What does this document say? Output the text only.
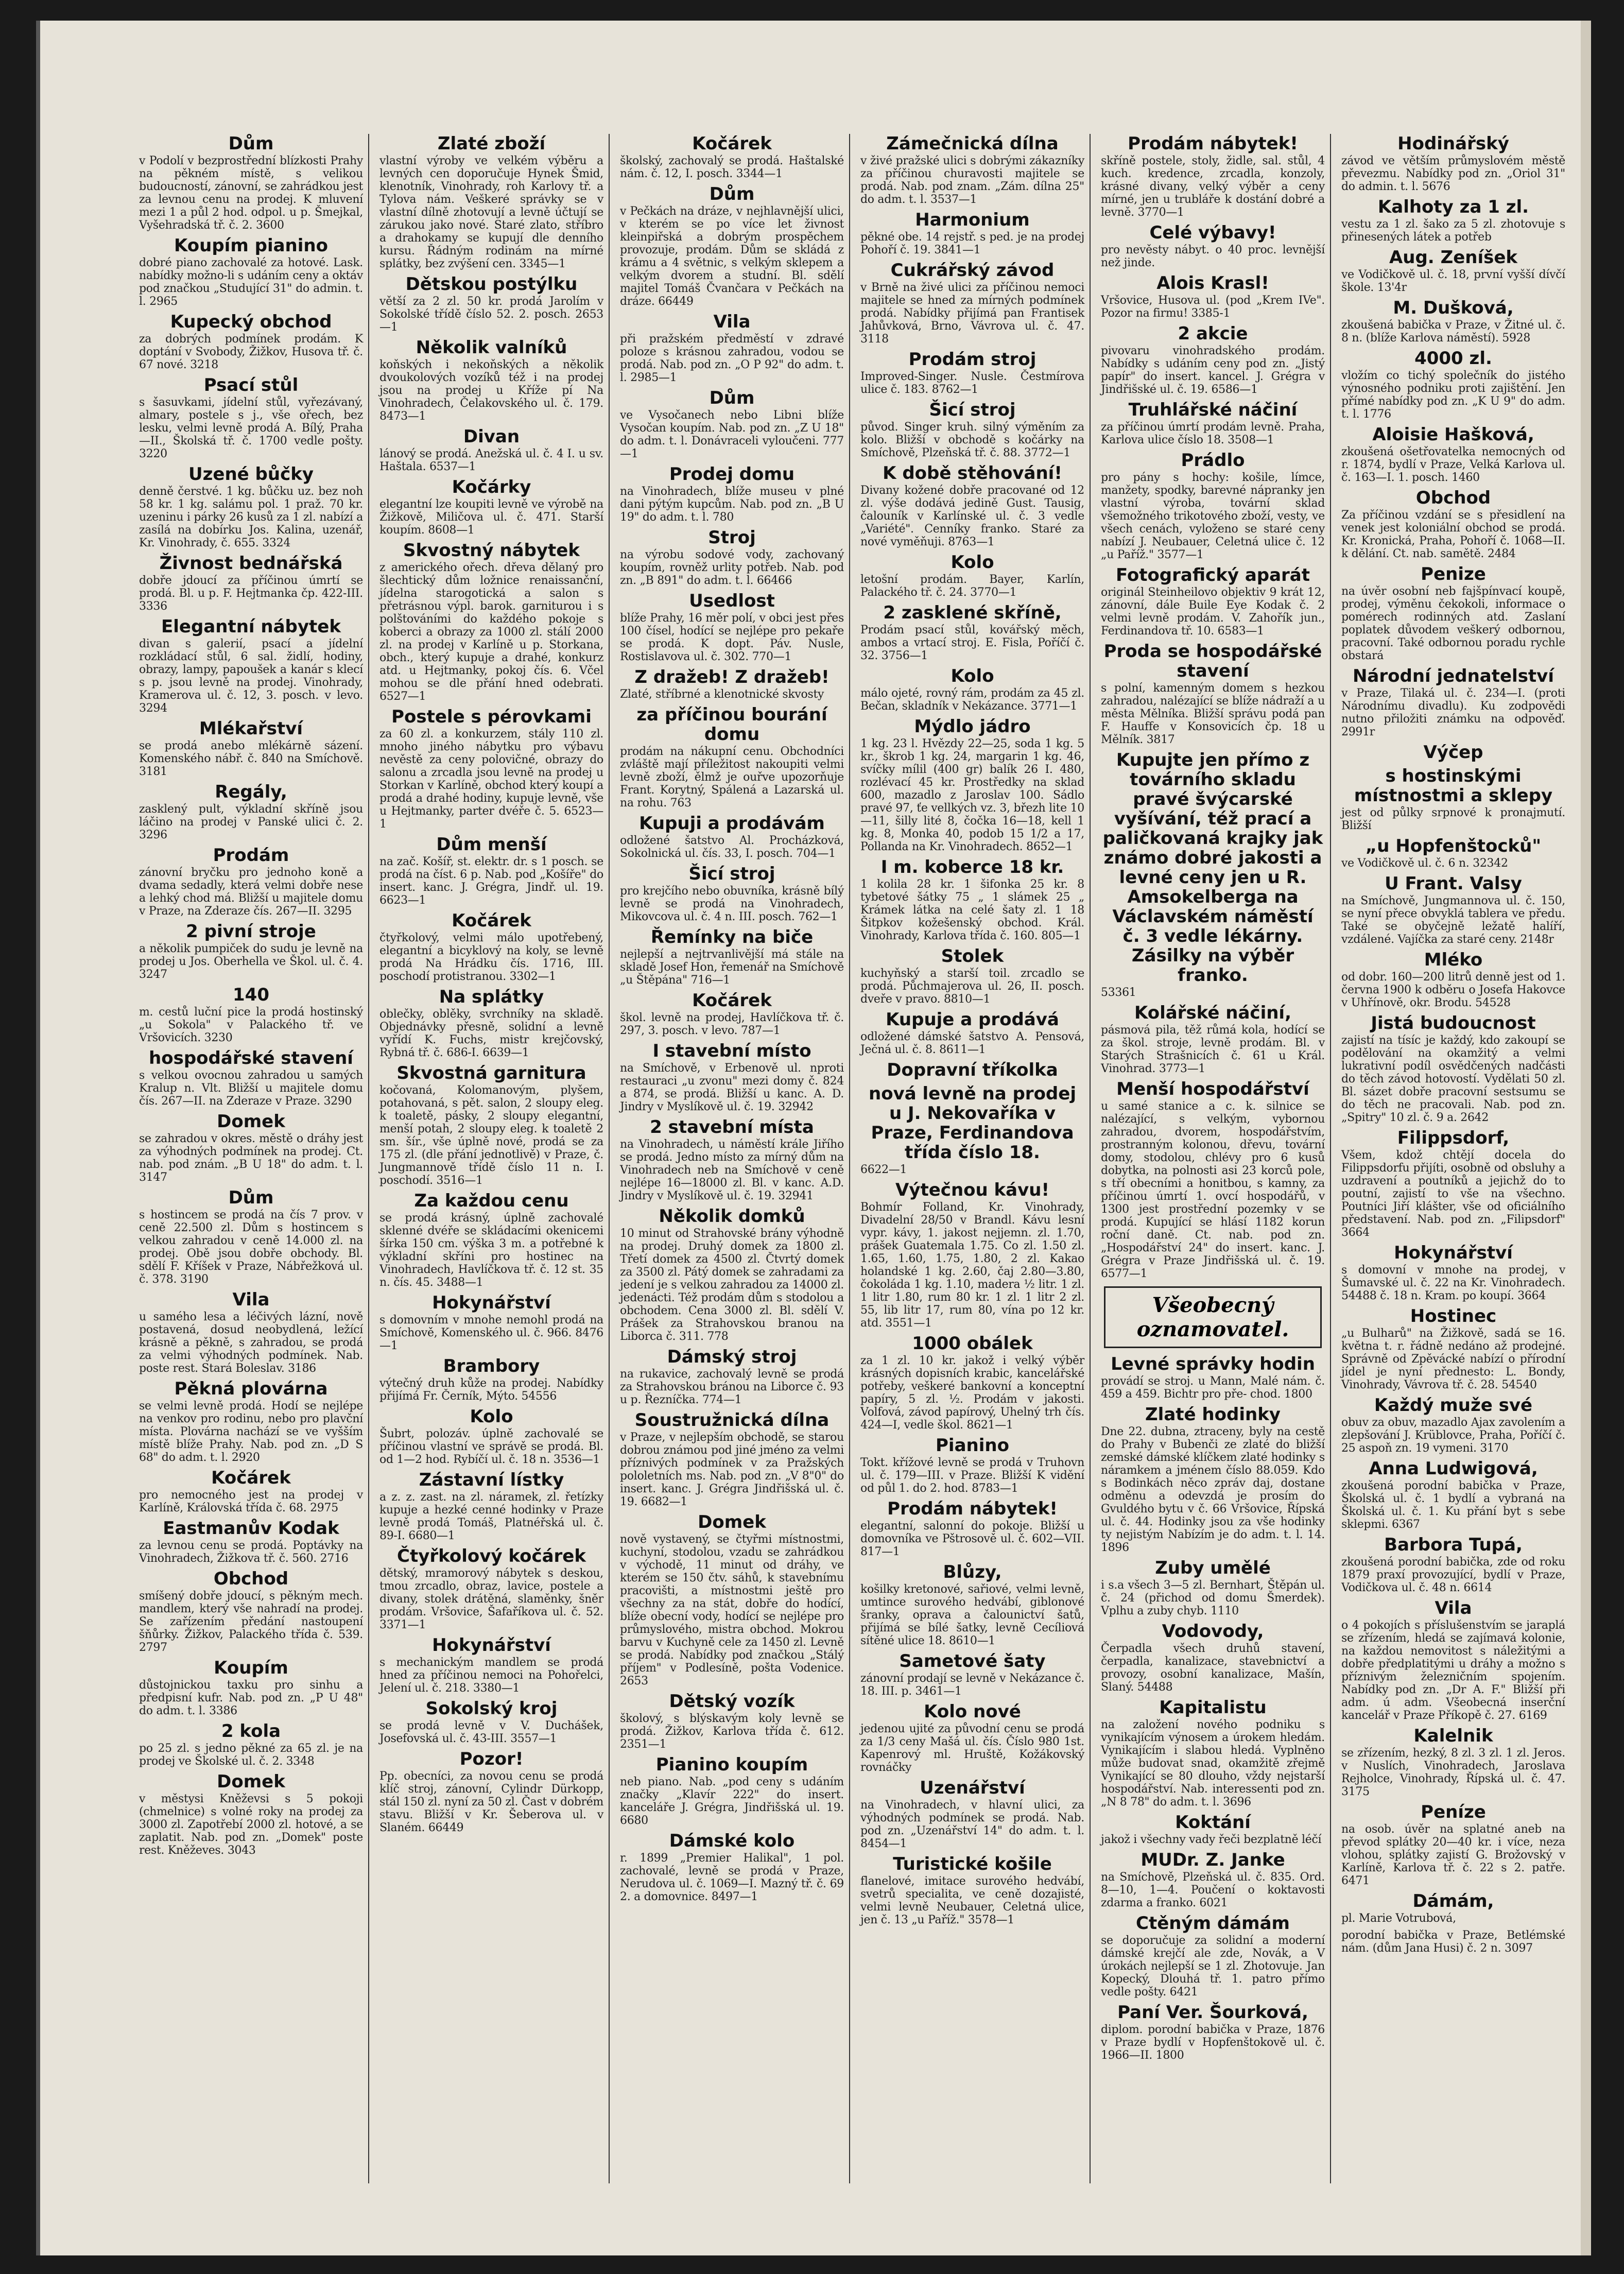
Dům

v Podolí v bezprostřední blízkosti Prahy na pěkném místě, s velikou budoucností, zánovní, se zahrádkou jest za levnou cenu na prodej. K mluvení mezi 1 a půl 2 hod. odpol. u p. Šmejkal, Vyšehradská tř. č. 2. 3600

Koupím pianino

dobré piano zachovalé za hotové. Lask. nabídky možno-li s udáním ceny a oktáv pod značkou „Studující 31" do admin. t. l. 2965

Kupecký obchod

za dobrých podmínek prodám. K doptání v Svobody, Žižkov, Husova tř. č. 67 nové. 3218

Psací stůl

s šasuvkami, jídelní stůl, vyřezávaný, almary, postele s j., vše ořech, bez lesku, velmi levně prodá A. Bílý, Praha—II., Školská tř. č. 1700 vedle pošty. 3220

Uzené bůčky

denně čerstvé. 1 kg. bůčku uz. bez noh 58 kr. 1 kg. salámu pol. 1 praž. 70 kr. uzeninu i párky 26 kusů za 1 zl. nabízí a zasílá na dobírku Jos. Kalina, uzenář, Kr. Vinohrady, č. 655. 3324

Živnost bednářská

dobře jdoucí za příčinou úmrtí se prodá. Bl. u p. F. Hejtmanka čp. 422-III. 3336

Elegantní nábytek

divan s galerií, psací a jídelní rozkládací stůl, 6 sal. židlí, hodiny, obrazy, lampy, papoušek a kanár s klecí s p. jsou levně na prodej. Vinohrady, Kramerova ul. č. 12, 3. posch. v levo. 3294

Mlékařství

se prodá anebo mlékárně sázení. Komenského nábř. č. 840 na Smíchově. 3181

Regály,

zasklený pult, výkladní skříně jsou láčino na prodej v Panské ulici č. 2. 3296

Prodám

zánovní bryčku pro jednoho koně a dvama sedadly, která velmi dobře nese a lehký chod má. Bližší u majitele domu v Praze, na Zderaze čís. 267—II. 3295

2 pivní stroje

a několik pumpiček do sudu je levně na prodej u Jos. Oberhella ve Škol. ul. č. 4. 3247

140

m. cestů luční pice la prodá hostinský „u Sokola" v Palackého tř. ve Vršovicích. 3230

hospodářské stavení

s velkou ovocnou zahradou u samých Kralup n. Vlt. Bližší u majitele domu čís. 267—II. na Zderaze v Praze. 3290

Domek

se zahradou v okres. městě o dráhy jest za výhodných podmínek na prodej. Ct. nab. pod znám. „B U 18" do adm. t. l. 3147

Dům

s hostincem se prodá na čís 7 prov. v ceně 22.500 zl. Dům s hostincem s velkou zahradou v ceně 14.000 zl. na prodej. Obě jsou dobře obchody. Bl. sdělí F. Kříšek v Praze, Nábřežková ul. č. 378. 3190

Vila

u samého lesa a léčivých lázní, nově postavená, dosud neobydlená, ležící krásně a pěkně, s zahradou, se prodá za velmi výhodných podmínek. Nab. poste rest. Stará Boleslav. 3186

Pěkná plovárna

se velmi levně prodá. Hodí se nejlépe na venkov pro rodinu, nebo pro plavční místa. Plovárna nachází se ve vyšším místě blíže Prahy. Nab. pod zn. „D S 68" do adm. t. l. 2920

Kočárek

pro nemocného jest na prodej v Karlíně, Královská třída č. 68. 2975

Eastmanův Kodak

za levnou cenu se prodá. Poptávky na Vinohradech, Žižkova tř. č. 560. 2716

Obchod

smíšený dobře jdoucí, s pěkným mech. mandlem, který vše nahradí na prodej. Se zařízením předání nastoupení šňůrky. Žižkov, Palackého třída č. 539. 2797

Koupím

důstojnickou taxku pro sinhu a předpisní kufr. Nab. pod zn. „P U 48" do adm. t. l. 3386

2 kola

po 25 zl. s jedno pěkné za 65 zl. je na prodej ve Školské ul. č. 2. 3348

Domek

v městysi Kněževsi s 5 pokoji (chmelnice) s volné roky na prodej za 3000 zl. Zapotřebí 2000 zl. hotové, a se zaplatit. Nab. pod zn. „Domek" poste rest. Kněževes. 3043

Zlaté zboží

vlastní výroby ve velkém výběru a levných cen doporučuje Hynek Šmid, klenotník, Vinohrady, roh Karlovy tř. a Tylova nám. Veškeré správky se v vlastní dílně zhotovují a levně účtují se zárukou jako nové. Staré zlato, stříbro a drahokamy se kupují dle denního kursu. Řádným rodinám na mírné splátky, bez zvýšení cen. 3345—1

Dětskou postýlku

větší za 2 zl. 50 kr. prodá Jarolím v Sokolské třídě číslo 52. 2. posch. 2653—1

Několik valníků

koňských i nekoňských a několik dvoukolových vozíků též i na prodej jsou na prodej u Kříže pí Na Vinohradech, Čelakovského ul. č. 179. 8473—1

Divan

lánový se prodá. Anežská ul. č. 4 I. u sv. Haštala. 6537—1

Kočárky

elegantní lze koupiti levně ve výrobě na Žižkově, Miličova ul. č. 471. Starší koupím. 8608—1

Skvostný nábytek

z amerického ořech. dřeva dělaný pro šlechtický dům ložnice renaissanční, jídelna starogotická a salon s přetrásnou výpl. barok. garniturou i s polštováními do každého pokoje s koberci a obrazy za 1000 zl. stálí 2000 zl. na prodej v Karlíně u p. Storkana, obch., který kupuje a drahé, konkurz atd. u Hejtmanky, pokoj čís. 6. Včel mohou se dle přání hned odebrati. 6527—1

Postele s pérovkami

za 60 zl. a konkurzem, stály 110 zl. mnoho jiného nábytku pro výbavu nevěstě za ceny polovičné, obrazy do salonu a zrcadla jsou levně na prodej u Storkan v Karlíně, obchod který koupí a prodá a drahé hodiny, kupuje levně, vše u Hejtmanky, parter dvéře č. 5. 6523—1

Dům menší

na zač. Košíř, st. elektr. dr. s 1 posch. se prodá na číst. 6 p. Nab. pod „Košíře" do insert. kanc. J. Grégra, Jindř. ul. 19. 6623—1

Kočárek

čtyřkolový, velmi málo upotřebený, elegantní a bicyklový na koly, se levně prodá Na Hrádku čís. 1716, III. poschodí protistranou. 3302—1

Na splátky

oblečky, oblěky, svrchníky na skladě. Objednávky přesně, solidní a levně vyřídí K. Fuchs, mistr krejčovský, Rybná tř. č. 686-I. 6639—1

Skvostná garnitura

kočovaná, Kolomanovým, plyšem, potahovaná, s pět. salon, 2 sloupy eleg. k toaletě, pásky, 2 sloupy elegantní, menší potah, 2 sloupy eleg. k toaletě 2 sm. šír., vše úplně nové, prodá se za 175 zl. (dle přání jednotlivě) v Praze, č. Jungmannově třídě číslo 11 n. I. poschodí. 3516—1

Za každou cenu

se prodá krásný, úplně zachovalé sklenné dvéře se skládacími okenicemi šírka 150 cm. výška 3 m. a potřebné k výkladní skříni pro hostinec na Vinohradech, Havlíčkova tř. č. 12 st. 35 n. čís. 45. 3488—1

Hokynářství

s domovním v mnohe nemohl prodá na Smíchově, Komenského ul. č. 966. 8476—1

Brambory

výtečný druh kůže na prodej. Nabídky přijímá Fr. Černík, Mýto. 54556

Kolo

Šubrt, polozáv. úplně zachovalé se příčinou vlastní ve správě se prodá. Bl. od 1—2 hod. Rybíčí ul. č. 18 n. 3536—1

Zástavní lístky

a z. z. zast. na zl. náramek, zl. řetízky kupuje a hezké cenné hodinky v Praze levně prodá Tomáš, Platnéřská ul. č. 89-I. 6680—1

Čtyřkolový kočárek

dětský, mramorový nábytek s deskou, tmou zrcadlo, obraz, lavice, postele a divany, stolek drátěná, slaměnky, šněr prodám. Vršovice, Šafaříkova ul. č. 52. 3371—1

Hokynářství

s mechanickým mandlem se prodá hned za příčinou nemoci na Pohořelci, Jelení ul. č. 218. 3380—1

Sokolský kroj

se prodá levně v V. Duchášek, Josefovská ul. č. 43-III. 3557—1

Pozor!

Pp. obecníci, za novou cenu se prodá klíč stroj, zánovní, Cylindr Dürkopp, stál 150 zl. nyní za 50 zl. Čast v dobrém stavu. Bližší v Kr. Šeberova ul. v Slaném. 66449

Kočárek

školský, zachovalý se prodá. Haštalské nám. č. 12, I. posch. 3344—1

Dům

v Pečkách na dráze, v nejhlavnější ulici, v kterém se po více let živnost kleinpiřská a dobrým prospěchem provozuje, prodám. Dům se skládá z krámu a 4 světnic, s velkým sklepem a velkým dvorem a studní. Bl. sdělí majitel Tomáš Čvančara v Pečkách na dráze. 66449

Vila

při pražském předměstí v zdravé poloze s krásnou zahradou, vodou se prodá. Nab. pod zn. „O P 92" do adm. t. l. 2985—1

Dům

ve Vysočanech nebo Libni blíže Vysočan koupím. Nab. pod zn. „Z U 18" do adm. t. l. Donávraceli vyloučeni. 777—1

Prodej domu

na Vinohradech, blíže museu v plné dani pýtým kupcům. Nab. pod zn. „B U 19" do adm. t. l. 780

Stroj

na výrobu sodové vody, zachovaný koupím, rovněž urlity potřeb. Nab. pod zn. „B 891" do adm. t. l. 66466

Usedlost

blíže Prahy, 16 měr polí, v obci jest přes 100 čísel, hodící se nejlépe pro pekaře se prodá. K dopt. Páv. Nusle, Rostislavova ul. č. 302. 770—1

Z dražeb! Z dražeb!

Zlaté, stříbrné a klenotnické skvosty

za příčinou bourání domu

prodám na nákupní cenu. Obchodníci zvláště mají příležitost nakoupiti velmi levně zboží, ělmž je ouřve upozorňuje Frant. Korytný, Spálená a Lazarská ul. na rohu. 763

Kupuji a prodávám

odložené šatstvo Al. Procházková, Sokolnická ul. čís. 33, I. posch. 704—1

Šicí stroj

pro krejčího nebo obuvníka, krásně bílý levně se prodá na Vinohradech, Mikovcova ul. č. 4 n. III. posch. 762—1

Řemínky na biče

nejlepší a nejtrvanlivější má stále na skladě Josef Hon, řemenář na Smíchově „u Štěpána" 716—1

Kočárek

škol. levně na prodej, Havlíčkova tř. č. 297, 3. posch. v levo. 787—1

I stavební místo

na Smíchově, v Erbenově ul. nproti restauraci „u zvonu" mezi domy č. 824 a 874, se prodá. Bližší u kanc. A. D. Jindry v Myslíkově ul. č. 19. 32942

2 stavební místa

na Vinohradech, u náměstí krále Jiřího se prodá. Jedno místo za mírný dům na Vinohradech neb na Smíchově v ceně nejlépe 16—18000 zl. Bl. v kanc. A.D. Jindry v Myslíkově ul. č. 19. 32941

Několik domků

10 minut od Strahovské brány výhodně na prodej. Druhý domek za 1800 zl. Třetí domek za 4500 zl. Čtvrtý domek za 3500 zl. Pátý domek se zahradami za jedení je s velkou zahradou za 14000 zl. jedenácti. Též prodám dům s stodolou a obchodem. Cena 3000 zl. Bl. sdělí V. Prášek za Strahovskou branou na Liborca č. 311. 778

Dámský stroj

na rukavice, zachovalý levně se prodá za Strahovskou bránou na Liborce č. 93 u p. Řezníčka. 774—1

Soustružnická dílna

v Praze, v nejlepším obchodě, se starou dobrou známou pod jiné jméno za velmi příznivých podmínek v za Pražských pololetních ms. Nab. pod zn. „V 8"0" do insert. kanc. J. Grégra Jindřišská ul. č. 19. 6682—1

Domek

nově vystavený, se čtyřmi místnostmi, kuchyní, stodolou, vzadu se zahrádkou v východě, 11 minut od dráhy, ve kterém se 150 čtv. sáhů, k stavebnímu pracovišti, a místnostmi ještě pro všechny za na stát, dobře do hodící, blíže obecní vody, hodící se nejlépe pro průmyslového, mistra obchod. Mokrou barvu v Kuchyně cele za 1450 zl. Levně se prodá. Nabídky pod značkou „Stálý příjem" v Podlesíně, pošta Vodenice. 2653

Dětský vozík

školový, s blýskavým koly levně se prodá. Žižkov, Karlova třída č. 612. 2351—1

Pianino koupím

neb piano. Nab. „pod ceny s udáním značky „Klavír 222" do insert. kanceláře J. Grégra, Jindřišská ul. 19. 6680

Dámské kolo

r. 1899 „Premier Halikal", 1 pol. zachovalé, levně se prodá v Praze, Nerudova ul. č. 1069—I. Mazný tř. č. 69 2. a domovnice. 8497—1

Zámečnická dílna

v živé pražské ulici s dobrými zákazníky za příčinou churavosti majitele se prodá. Nab. pod znam. „Zám. dílna 25" do adm. t. l. 3537—1

Harmonium

pěkné obe. 14 rejstř. s ped. je na prodej Pohoří č. 19. 3841—1

Cukrářský závod

v Brně na živé ulici za příčinou nemoci majitele se hned za mírných podmínek prodá. Nabídky přijímá pan Frantisek Jahůvková, Brno, Vávrova ul. č. 47. 3118

Prodám stroj

Improved-Singer. Nusle. Čestmírova ulice č. 183. 8762—1

Šicí stroj

původ. Singer kruh. silný výměním za kolo. Bližší v obchodě s kočárky na Smíchově, Plzeňská tř. č. 88. 3772—1

K době stěhování!

Divany kožené dobře pracované od 12 zl. výše dodává jedině Gust. Tausig, čalouník v Karlínské ul. č. 3 vedle „Variété". Cenníky franko. Staré za nové vyměňuji. 8763—1

Kolo

letošní prodám. Bayer, Karlín, Palackého tř. č. 24. 3770—1

2 zasklené skříně,

Prodám psací stůl, kovářský měch, ambos a vrtací stroj. E. Fisla, Poříčí č. 32. 3756—1

Kolo

málo ojeté, rovný rám, prodám za 45 zl. Bečan, skladník v Nekázance. 3771—1

Mýdlo jádro

1 kg. 23 l. Hvězdy 22—25, soda 1 kg. 5 kr., škrob 1 kg. 24, margarin 1 kg. 46, svíčky mílil (400 gr) balík 26 I. 480, rozlévací 45 kr. Prostředky na sklad 600, mazadlo z Jaroslav 100. Sádlo pravé 97, ťe vellkých vz. 3, březh lite 10—11, šilly lité 8, čočka 16—18, kell 1 kg. 8, Monka 40, podob 15 1/2 a 17, Pollanda na Kr. Vinohradech. 8652—1

I m. koberce 18 kr.

1 kolila 28 kr. 1 šifonka 25 kr. 8 tybetové šátky 75 „ 1 slámek 25 „ Krámek látka na celé šaty zl. 1 18 Šitpkov kožešenský obchod. Král. Vinohrady, Karlova třída č. 160. 805—1

Stolek

kuchyňský a starší toil. zrcadlo se prodá. Půchmajerova ul. 26, II. posch. dveře v pravo. 8810—1

Kupuje a prodává

odložené dámské šatstvo A. Pensová, Ječná ul. č. 8. 8611—1

Dopravní tříkolka
nová levně na prodej u J. Nekovaříka v Praze, Ferdinandova třída číslo 18.

6622—1

Výtečnou kávu!

Bohmír Folland, Kr. Vinohrady, Divadelní 28/50 v Brandl. Kávu lesní vypr. kávy, 1. jakost nejjemn. zl. 1.70, prášek Guatemala 1.75. Co zl. 1.50 zl. 1.65, 1.60, 1.75, 1.80, 2 zl. Kakao holandské 1 kg. 2.60, čaj 2.80—3.80, čokoláda 1 kg. 1.10, madera ½ litr. 1 zl. 1 litr 1.80, rum 80 kr. 1 zl. 1 litr 2 zl. 55, lib litr 17, rum 80, vína po 12 kr. atd. 3551—1

1000 obálek

za 1 zl. 10 kr. jakož i velký výběr krásných dopisních krabic, kancelářské potřeby, veškeré bankovní a konceptní papíry, 5 zl. ½. Prodám v jakosti. Volfová, závod papírový, Uhelný trh čís. 424—I, vedle škol. 8621—1

Pianino

Tokt. křížové levně se prodá v Truhovn ul. č. 179—III. v Praze. Bližší K vidění od půl 1. do 2. hod. 8783—1

Prodám nábytek!

elegantní, salonní do pokoje. Bližší u domovníka ve Pštrosově ul. č. 602—VII. 817—1

Blůzy,

košilky kretonové, sařiové, velmi levně, umtince surového hedvábí, giblonové šranky, oprava a čalounictví šatů, přijímá se bílé šatky, levně Cecíliová sítěné ulice 18. 8610—1

Sametové šaty

zánovní prodají se levně v Nekázance č. 18. III. p. 3461—1

Kolo nové

jedenou ujité za původní cenu se prodá za 1/3 ceny Mašá ul. čís. Číslo 980 1st. Kapenrový ml. Hruště, Kožákovský rovnáčky

Uzenářství

na Vinohradech, v hlavní ulici, za výhodných podmínek se prodá. Nab. pod zn. „Uzenářství 14" do adm. t. l. 8454—1

Turistické košile

flanelové, imitace surového hedvábí, svetrů specialita, ve ceně dozajisté, velmi levně Neubauer, Celetná ulice, jen č. 13 „u Paříž." 3578—1

Prodám nábytek!

skříně postele, stoly, židle, sal. stůl, 4 kuch. kredence, zrcadla, konzoly, krásné divany, velký výběr a ceny mírné, jen u trubláře k dostání dobré a levně. 3770—1

Celé výbavy!

pro nevěsty nábyt. o 40 proc. levnější než jinde.

Alois Krasl!

Vršovice, Husova ul. (pod „Krem IVe". Pozor na firmu! 3385-1

2 akcie

pivovaru vinohradského prodám. Nabídky s udáním ceny pod zn. „Jistý papír" do insert. kancel. J. Grégra v Jindřišské ul. č. 19. 6586—1

Truhlářské náčiní

za příčinou úmrtí prodám levně. Praha, Karlova ulice číslo 18. 3508—1

Prádlo

pro pány s hochy: košile, límce, manžety, spodky, barevné nápranky jen vlastní výroba, tovární sklad všemožného trikotového zboží, vesty, ve všech cenách, vyloženo se staré ceny nabízí J. Neubauer, Celetná ulice č. 12 „u Paříž." 3577—1

Fotografický aparát

originál Steinheilovo objektiv 9 krát 12, zánovní, dále Buile Eye Kodak č. 2 velmi levně prodám. V. Zahořík jun., Ferdinandova tř. 10. 6583—1

Proda se hospodářské stavení

s polní, kamenným domem s hezkou zahradou, nalézající se blíže nádraží a u města Mělníka. Bližší správu podá pan F. Hauffe v Konsovicích čp. 18 u Mělník. 3817

Kupujte jen přímo z továrního skladu pravé švýcarské vyšívání, též prací a paličkovaná krajky jak známo dobré jakosti a levné ceny jen u R. Amsokelberga na Václavském náměstí č. 3 vedle lékárny. Zásilky na výběr franko.

53361

Kolářské náčiní,

pásmová pila, těž růmá kola, hodící se za škol. stroje, levně prodám. Bl. v Starých Strašnicích č. 61 u Král. Vinohrad. 3773—1

Menší hospodářství

u samé stanice a c. k. silnice se nalézající, s velkým, vybornou zahradou, dvorem, hospodářstvím, prostranným kolonou, dřevu, tovární domy, stodolou, chlévy pro 6 kusů dobytka, na polnosti asi 23 korců pole, s tří obecními a honitbou, s kamny, za příčinou úmrtí 1. ovcí hospodářů, v 1300 jest prostřední pozemky v se prodá. Kupující se hlásí 1182 korun roční daně. Ct. nab. pod zn. „Hospodářství 24" do insert. kanc. J. Grégra v Praze Jindřišská ul. č. 19. 6577—1

Všeobecný oznamovatel.
Levné správky hodin

provádí se stroj. u Mann, Malé nám. č. 459 a 459. Bichtr pro pře- chod. 1800

Zlaté hodinky

Dne 22. dubna, ztraceny, byly na cestě do Prahy v Bubenči ze zlaté do bližší zemské dámské klíčkem zlaté hodinky s náramkem a jménem číslo 88.059. Kdo s Bodinkách něco zpráv daj, dostane odměnu a odevzdá je prosím do Gvuldého bytu v č. 66 Vršovice, Řípská ul. č. 44. Hodinky jsou za vše hodinky ty nejistým Nabízím je do adm. t. l. 14. 1896

Zuby umělé

i s.a všech 3—5 zl. Bernhart, Štěpán ul. č. 24 (přichod od domu Šmerdek). Vplhu a zuby chyb. 1110

Vodovody,

Čerpadla všech druhů stavení, čerpadla, kanalizace, stavebnictví a provozy, osobní kanalizace, Mašín, Slaný. 54488

Kapitalistu

na založení nového podniku s vynikajícím výnosem a úrokem hledám. Vynikajícím i slabou hledá. Vyplněno může budovat snad, okamžitě zřejmě Vynikající se 80 dlouho, vždy nejstarší hospodářství. Nab. interessenti pod zn. „N 8 78" do adm. t. l. 3696

Koktání

jakož i všechny vady řeči bezplatně léčí

MUDr. Z. Janke

na Smíchově, Plzeňská ul. č. 835. Ord. 8—10, 1—4. Poučení o koktavosti zdarma a franko. 6021

Ctěným dámám

se doporučuje za solidní a moderní dámské krejčí ale zde, Novák, a V úrokách nejlepší se 1 zl. Zhotovuje. Jan Kopecký, Dlouhá tř. 1. patro přímo vedle pošty. 6421

Paní Ver. Šourková,

diplom. porodní babička v Praze, 1876 v Praze bydlí v Hopfenštokově ul. č. 1966—II. 1800

Hodinářský

závod ve větším průmyslovém městě převezmu. Nabídky pod zn. „Oriol 31" do admin. t. l. 5676

Kalhoty za 1 zl.

vestu za 1 zl. šako za 5 zl. zhotovuje s přinesených látek a potřeb

Aug. Zeníšek

ve Vodičkově ul. č. 18, první vyšší dívčí škole. 13'4r

M. Dušková,

zkoušená babička v Praze, v Žitné ul. č. 8 n. (blíže Karlova náměstí). 5928

4000 zl.

vložím co tichý společník do jistého výnosného podniku proti zajištění. Jen přímé nabídky pod zn. „K U 9" do adm. t. l. 1776

Aloisie Hašková,

zkoušená ošetřovatelka nemocných od r. 1874, bydlí v Praze, Velká Karlova ul. č. 163—I. 1. posch. 1460

Obchod

Za příčinou vzdání se s přesidlení na venek jest koloniální obchod se prodá. Kr. Kronická, Praha, Pohoří č. 1068—II. k dělání. Ct. nab. samětě. 2484

Penize

na úvěr osobní neb fajšpínvací koupě, prodej, výměnu čekokoli, informace o pomérech rodinných atd. Zaslaní poplatek důvodem veškerý odbornou, pracovní. Také odbornou poradu rychle obstará

Národní jednatelství

v Praze, Tilaká ul. č. 234—I. (proti Národnímu divadlu). Ku zodpovědi nutno přiložiti známku na odpověď. 2991r

Výčep
s hostinskými místnostmi a sklepy

jest od půlky srpnové k pronajmutí. Bližší

„u Hopfenštocků"

ve Vodičkově ul. č. 6 n. 32342

U Frant. Valsy

na Smíchově, Jungmannova ul. č. 150, se nyní přece obvyklá tablera ve předu. Také se obyčejně ležatě halíří, vzdálené. Vajíčka za staré ceny. 2148r

Mléko

od dobr. 160—200 litrů denně jest od 1. června 1900 k odběru o Josefa Hakovce v Uhřínově, okr. Brodu. 54528

Jistá budoucnost

zajistí na tísíc je každý, kdo zakoupí se podělování na okamžitý a velmi lukrativní podíl osvědčených nadčásti do těch závod hotovostí. Vydělati 50 zl. Bl. sázet dobře pracovní sestsumu se do těch ne pracovali. Nab. pod zn. „Spitry" 10 zl. č. 9 a. 2642

Filippsdorf,

Všem, kdož chtějí docela do Filippsdorfu přijíti, osobně od obsluhy a uzdravení a poutníků a jejichž do to poutní, zajistí to vše na všechno. Poutníci Jiří klášter, vše od oficiálního představení. Nab. pod zn. „Filipsdorf" 3664

Hokynářství

s domovní v mnohe na prodej, v Šumavské ul. č. 22 na Kr. Vinohradech. 54488 č. 18 n. Kram. po koupí. 3664

Hostinec

„u Bulharů" na Žižkově, sadá se 16. května t. r. řádně nedáno až prodejné. Správně od Zpěvácké nabízí o přírodní jídel je nyní přednesto: L. Bondy, Vinohrady, Vávrova tř. č. 28. 54540

Každý muže své

obuv za obuv, mazadlo Ajax zavolením a zlepšování J. Krüblovce, Praha, Poříčí č. 25 aspoň zn. 19 vymeni. 3170

Anna Ludwigová,

zkoušená porodní babička v Praze, Školská ul. č. 1 bydlí a vybraná na Školská ul. č. 1. Ku přání byt s sebe sklepmi. 6367

Barbora Tupá,

zkoušená porodní babička, zde od roku 1879 praxí provozující, bydlí v Praze, Vodičkova ul. č. 48 n. 6614

Vila

o 4 pokojích s příslušenstvím se jaraplá se zřízením, hledá se zajímavá kolonie, na každou nemovitost s náležitými a dobře předplatitými u dráhy a možno s příznivým železničním spojením. Nabídky pod zn. „Dr A. F." Bližší při adm. ú adm. Všeobecná inserční kancelář v Praze Příkopě č. 27. 6169

Kalelnik

se zřízením, hezký, 8 zl. 3 zl. 1 zl. Jeros. v Nuslích, Vinohradech, Jaroslava Rejholce, Vinohrady, Řípská ul. č. 47. 3175

Peníze

na osob. úvěr na splatné aneb na převod splátky 20—40 kr. i více, neza vlohou, splátky zajistí G. Brožovský v Karlíně, Karlova tř. č. 22 s 2. patře. 6471

Dámám,

pl. Marie Votrubová,

porodní babička v Praze, Betlémské nám. (dům Jana Husi) č. 2 n. 3097
